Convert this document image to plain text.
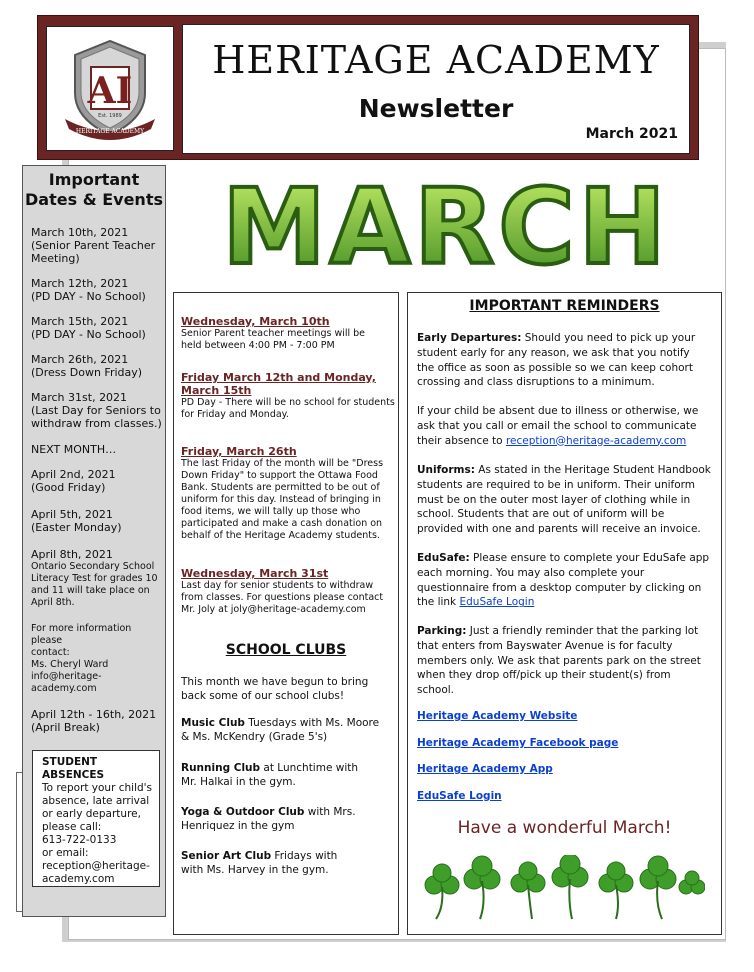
AI
Est. 1989
HERITAGE ACADEMY
HERITAGE ACADEMY
Newsletter
March 2021
Important
Dates & Events
March 10th, 2021
(Senior Parent Teacher
Meeting)
March 12th, 2021
(PD DAY - No School)
March 15th, 2021
(PD DAY - No School)
March 26th, 2021
(Dress Down Friday)
March 31st, 2021
(Last Day for Seniors to
withdraw from classes.)
NEXT MONTH…
April 2nd, 2021
(Good Friday)
April 5th, 2021
(Easter Monday)
April 8th, 2021
Ontario Secondary School
Literacy Test for grades 10
and 11 will take place on
April 8th.
For more information please
contact:
Ms. Cheryl Ward
info@heritage-
academy.com
April 12th - 16th, 2021
(April Break)
STUDENT ABSENCES
To report your child's
absence, late arrival
or early departure,
please call:
613-722-0133
or email:
reception@heritage-
academy.com
MARCH
Wednesday, March 10th
Senior Parent teacher meetings will be
held between 4:00 PM - 7:00 PM
Friday March 12th and Monday,
March 15th
PD Day - There will be no school for students
for Friday and Monday.
Friday, March 26th
The last Friday of the month will be "Dress
Down Friday" to support the Ottawa Food
Bank. Students are permitted to be out of
uniform for this day. Instead of bringing in
food items, we will tally up those who
participated and make a cash donation on
behalf of the Heritage Academy students.
Wednesday, March 31st
Last day for senior students to withdraw
from classes. For questions please contact
Mr. Joly at joly@heritage-academy.com
SCHOOL CLUBS
This month we have begun to bring
back some of our school clubs!
Music Club Tuesdays with Ms. Moore
& Ms. McKendry (Grade 5's)
Running Club at Lunchtime with
Mr. Halkai in the gym.
Yoga & Outdoor Club with Mrs.
Henriquez in the gym
Senior Art Club Fridays with
with Ms. Harvey in the gym.
IMPORTANT REMINDERS
Early Departures: Should you need to pick up your
student early for any reason, we ask that you notify
the office as soon as possible so we can keep cohort
crossing and class disruptions to a minimum.
If your child be absent due to illness or otherwise, we
ask that you call or email the school to communicate
their absence to reception@heritage-academy.com
Uniforms: As stated in the Heritage Student Handbook
students are required to be in uniform. Their uniform
must be on the outer most layer of clothing while in
school. Students that are out of uniform will be
provided with one and parents will receive an invoice.
EduSafe: Please ensure to complete your EduSafe app
each morning. You may also complete your
questionnaire from a desktop computer by clicking on
the link EduSafe Login
Parking: Just a friendly reminder that the parking lot
that enters from Bayswater Avenue is for faculty
members only. We ask that parents park on the street
when they drop off/pick up their student(s) from
school.
Heritage Academy Website
Heritage Academy Facebook page
Heritage Academy App
EduSafe Login
Have a wonderful March!
